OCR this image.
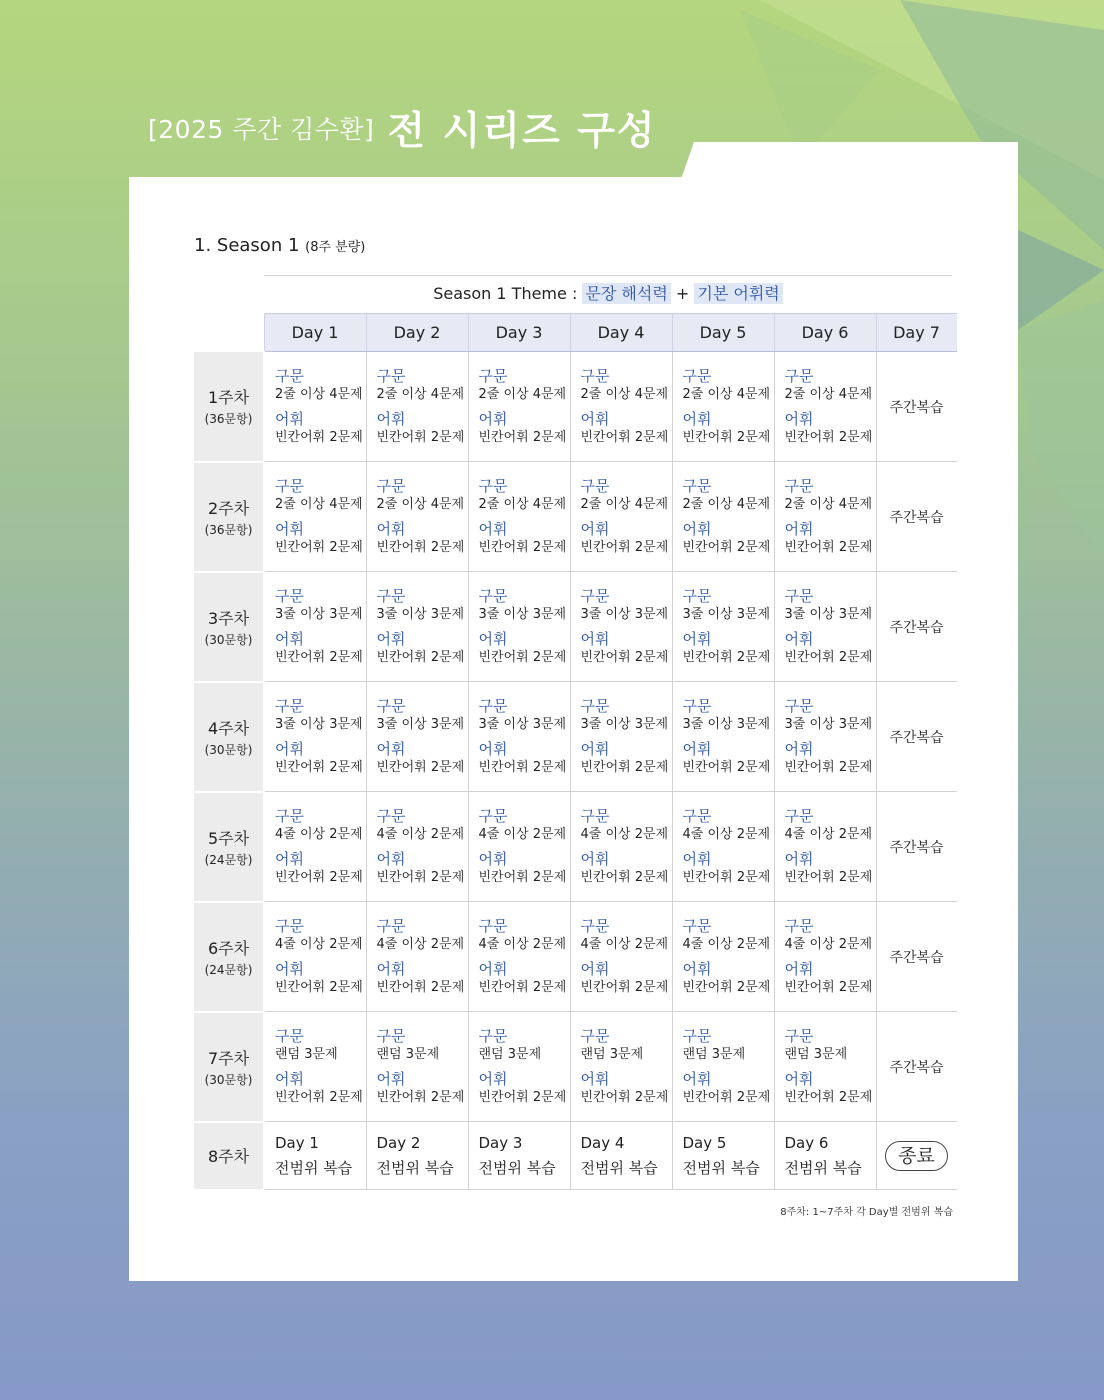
[2025 주간 김수환] 전 시리즈 구성
1. Season 1 (8주 분량)
Season 1 Theme : 문장 해석력 + 기본 어휘력
	Day 1	Day 2	Day 3	Day 4	Day 5	Day 6	Day 7

1주차
(36문항)	구문
2줄 이상 4문제
어휘
빈칸어휘 2문제	구문
2줄 이상 4문제
어휘
빈칸어휘 2문제	구문
2줄 이상 4문제
어휘
빈칸어휘 2문제	구문
2줄 이상 4문제
어휘
빈칸어휘 2문제	구문
2줄 이상 4문제
어휘
빈칸어휘 2문제	구문
2줄 이상 4문제
어휘
빈칸어휘 2문제	주간복습

2주차
(36문항)	구문
2줄 이상 4문제
어휘
빈칸어휘 2문제	구문
2줄 이상 4문제
어휘
빈칸어휘 2문제	구문
2줄 이상 4문제
어휘
빈칸어휘 2문제	구문
2줄 이상 4문제
어휘
빈칸어휘 2문제	구문
2줄 이상 4문제
어휘
빈칸어휘 2문제	구문
2줄 이상 4문제
어휘
빈칸어휘 2문제	주간복습

3주차
(30문항)	구문
3줄 이상 3문제
어휘
빈칸어휘 2문제	구문
3줄 이상 3문제
어휘
빈칸어휘 2문제	구문
3줄 이상 3문제
어휘
빈칸어휘 2문제	구문
3줄 이상 3문제
어휘
빈칸어휘 2문제	구문
3줄 이상 3문제
어휘
빈칸어휘 2문제	구문
3줄 이상 3문제
어휘
빈칸어휘 2문제	주간복습

4주차
(30문항)	구문
3줄 이상 3문제
어휘
빈칸어휘 2문제	구문
3줄 이상 3문제
어휘
빈칸어휘 2문제	구문
3줄 이상 3문제
어휘
빈칸어휘 2문제	구문
3줄 이상 3문제
어휘
빈칸어휘 2문제	구문
3줄 이상 3문제
어휘
빈칸어휘 2문제	구문
3줄 이상 3문제
어휘
빈칸어휘 2문제	주간복습

5주차
(24문항)	구문
4줄 이상 2문제
어휘
빈칸어휘 2문제	구문
4줄 이상 2문제
어휘
빈칸어휘 2문제	구문
4줄 이상 2문제
어휘
빈칸어휘 2문제	구문
4줄 이상 2문제
어휘
빈칸어휘 2문제	구문
4줄 이상 2문제
어휘
빈칸어휘 2문제	구문
4줄 이상 2문제
어휘
빈칸어휘 2문제	주간복습

6주차
(24문항)	구문
4줄 이상 2문제
어휘
빈칸어휘 2문제	구문
4줄 이상 2문제
어휘
빈칸어휘 2문제	구문
4줄 이상 2문제
어휘
빈칸어휘 2문제	구문
4줄 이상 2문제
어휘
빈칸어휘 2문제	구문
4줄 이상 2문제
어휘
빈칸어휘 2문제	구문
4줄 이상 2문제
어휘
빈칸어휘 2문제	주간복습

7주차
(30문항)	구문
랜덤 3문제
어휘
빈칸어휘 2문제	구문
랜덤 3문제
어휘
빈칸어휘 2문제	구문
랜덤 3문제
어휘
빈칸어휘 2문제	구문
랜덤 3문제
어휘
빈칸어휘 2문제	구문
랜덤 3문제
어휘
빈칸어휘 2문제	구문
랜덤 3문제
어휘
빈칸어휘 2문제	주간복습

8주차	Day 1
전범위 복습	Day 2
전범위 복습	Day 3
전범위 복습	Day 4
전범위 복습	Day 5
전범위 복습	Day 6
전범위 복습	종료
8주차: 1~7주차 각 Day별 전범위 복습
